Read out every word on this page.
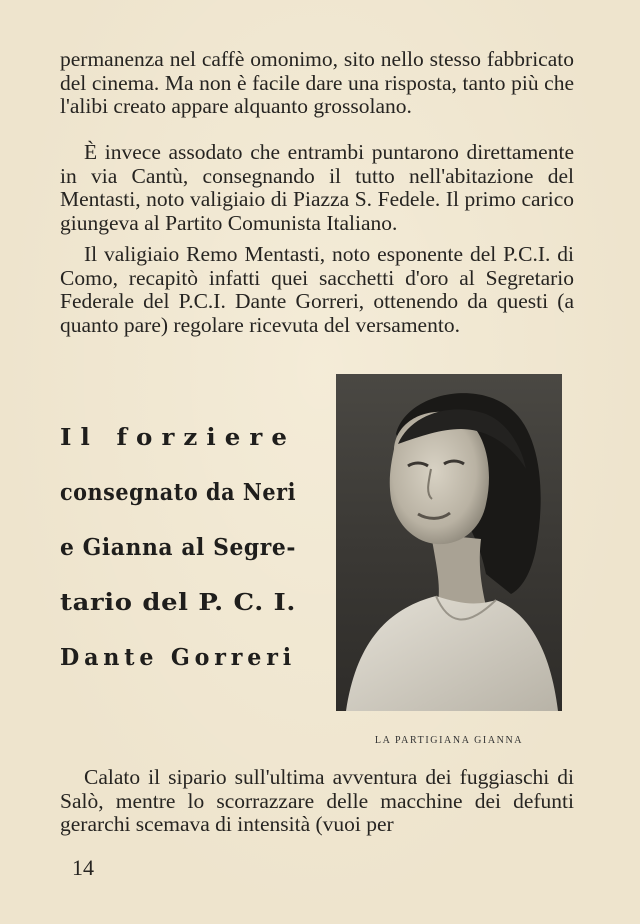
permanenza nel caffè omonimo, sito nello stesso fabbricato del cinema. Ma non è facile dare una risposta, tanto più che l'alibi creato appare alquanto grossolano.

È invece assodato che entrambi puntarono direttamente in via Cantù, consegnando il tutto nell'abitazione del Mentasti, noto valigiaio di Piazza S. Fedele. Il primo carico giungeva al Partito Comunista Italiano.

Il valigiaio Remo Mentasti, noto esponente del P.C.I. di Como, recapitò infatti quei sacchetti d'oro al Segretario Federale del P.C.I. Dante Gorreri, ottenendo da questi (a quanto pare) regolare ricevuta del versamento.

Il forziere
consegnato da Neri
e Gianna al Segre-
tario del P. C. I.
Dante Gorreri
LA PARTIGIANA GIANNA

Calato il sipario sull'ultima avventura dei fuggiaschi di Salò, mentre lo scorrazzare delle macchine dei defunti gerarchi scemava di intensità (vuoi per

14
